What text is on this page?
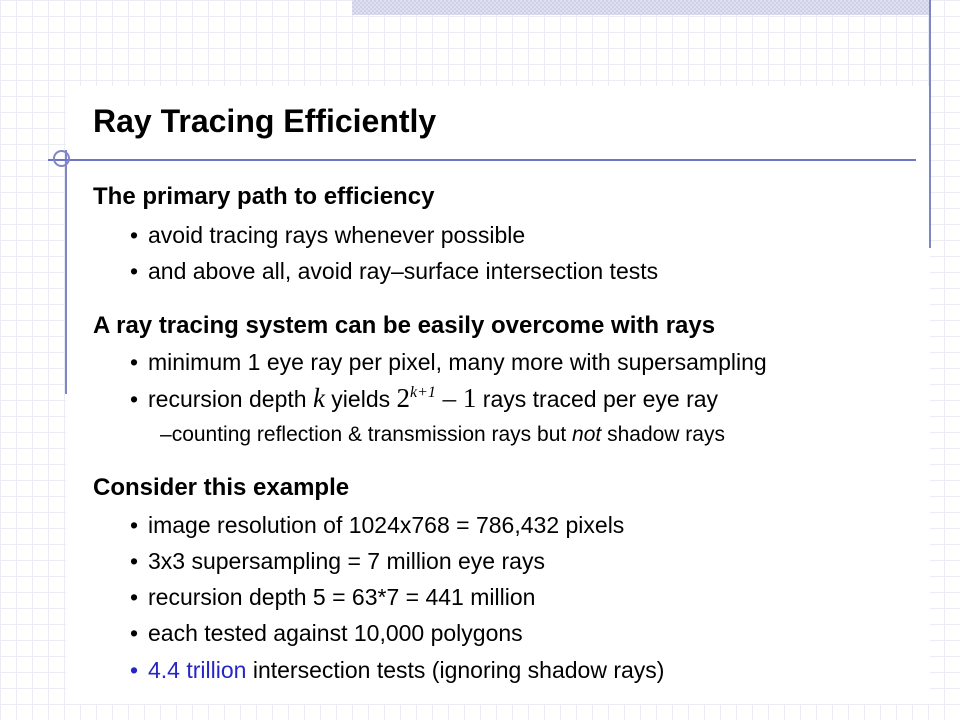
Ray Tracing Efficiently
The primary path to efficiency
• avoid tracing rays whenever possible
• and above all, avoid ray–surface intersection tests
A ray tracing system can be easily overcome with rays
• minimum 1 eye ray per pixel, many more with supersampling
• recursion depth k yields $2^{k+1} - 1$ rays traced per eye ray
–counting reflection & transmission rays but not shadow rays
Consider this example
• image resolution of 1024x768 = 786,432 pixels
• 3x3 supersampling = 7 million eye rays
• recursion depth 5 = 63*7 = 441 million
• each tested against 10,000 polygons
• 4.4 trillion intersection tests (ignoring shadow rays)
